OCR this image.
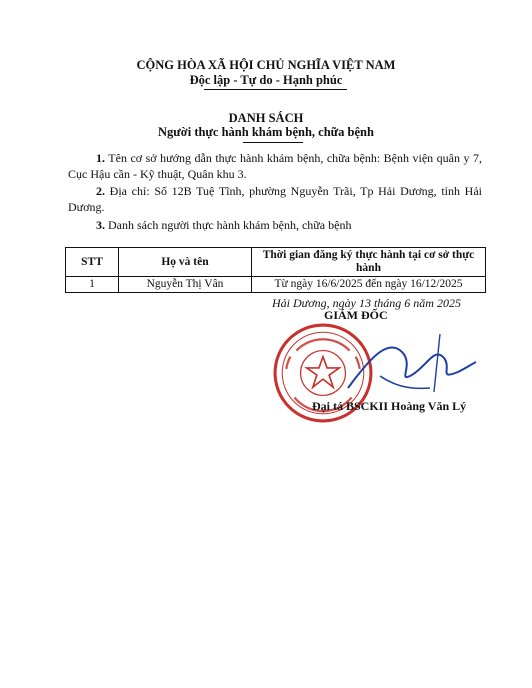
CỘNG HÒA XÃ HỘI CHỦ NGHĨA VIỆT NAM
Độc lập - Tự do - Hạnh phúc
DANH SÁCH
Người thực hành khám bệnh, chữa bệnh
1. Tên cơ sở hướng dẫn thực hành khám bệnh, chữa bệnh: Bệnh viện quân y 7, Cục Hậu cần - Kỹ thuật, Quân khu 3.
2. Địa chỉ: Số 12B Tuệ Tĩnh, phường Nguyễn Trãi, Tp Hải Dương, tỉnh Hải Dương.
3. Danh sách người thực hành khám bệnh, chữa bệnh
STT	Họ và tên	Thời gian đăng ký thực hành tại cơ sở thực hành
1	Nguyễn Thị Vân	Từ ngày 16/6/2025 đến ngày 16/12/2025
Hải Dương, ngày 13 tháng 6 năm 2025
GIÁM ĐỐC
Đại tá BSCKII Hoàng Văn Lý
